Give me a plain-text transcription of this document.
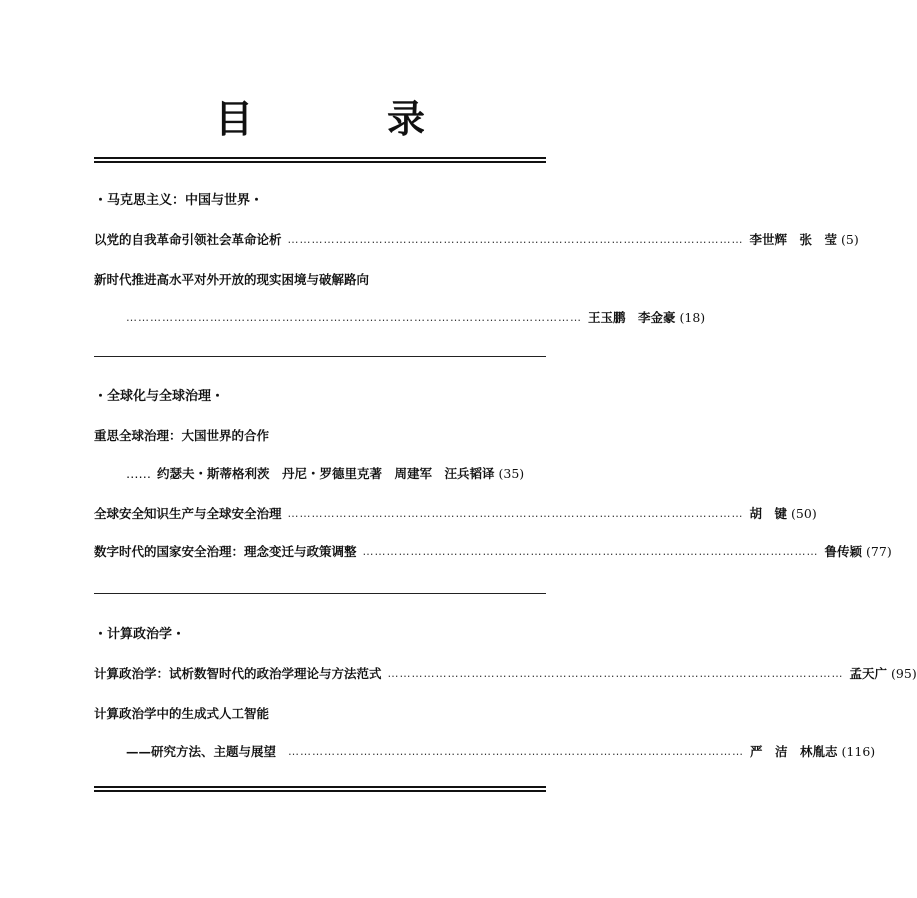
目　录
・马克思主义：中国与世界・
以党的自我革命引领社会革命论析 …………………………………………………………………………………………………… 李世辉　张　莹 (5)
新时代推进高水平对外开放的现实困境与破解路向
…………………………………………………………………………………………………… 王玉鹏　李金豪 (18)
・全球化与全球治理・
重思全球治理：大国世界的合作
…… 约瑟夫・斯蒂格利茨　丹尼・罗德里克著　周建军　汪兵韬译 (35)
全球安全知识生产与全球安全治理 …………………………………………………………………………………………………… 胡　键 (50)
数字时代的国家安全治理：理念变迁与政策调整 …………………………………………………………………………………………………… 鲁传颖 (77)
・计算政治学・
计算政治学：试析数智时代的政治学理论与方法范式 …………………………………………………………………………………………………… 孟天广 (95)
计算政治学中的生成式人工智能
——研究方法、主题与展望 …………………………………………………………………………………………………… 严　洁　林胤志 (116)
